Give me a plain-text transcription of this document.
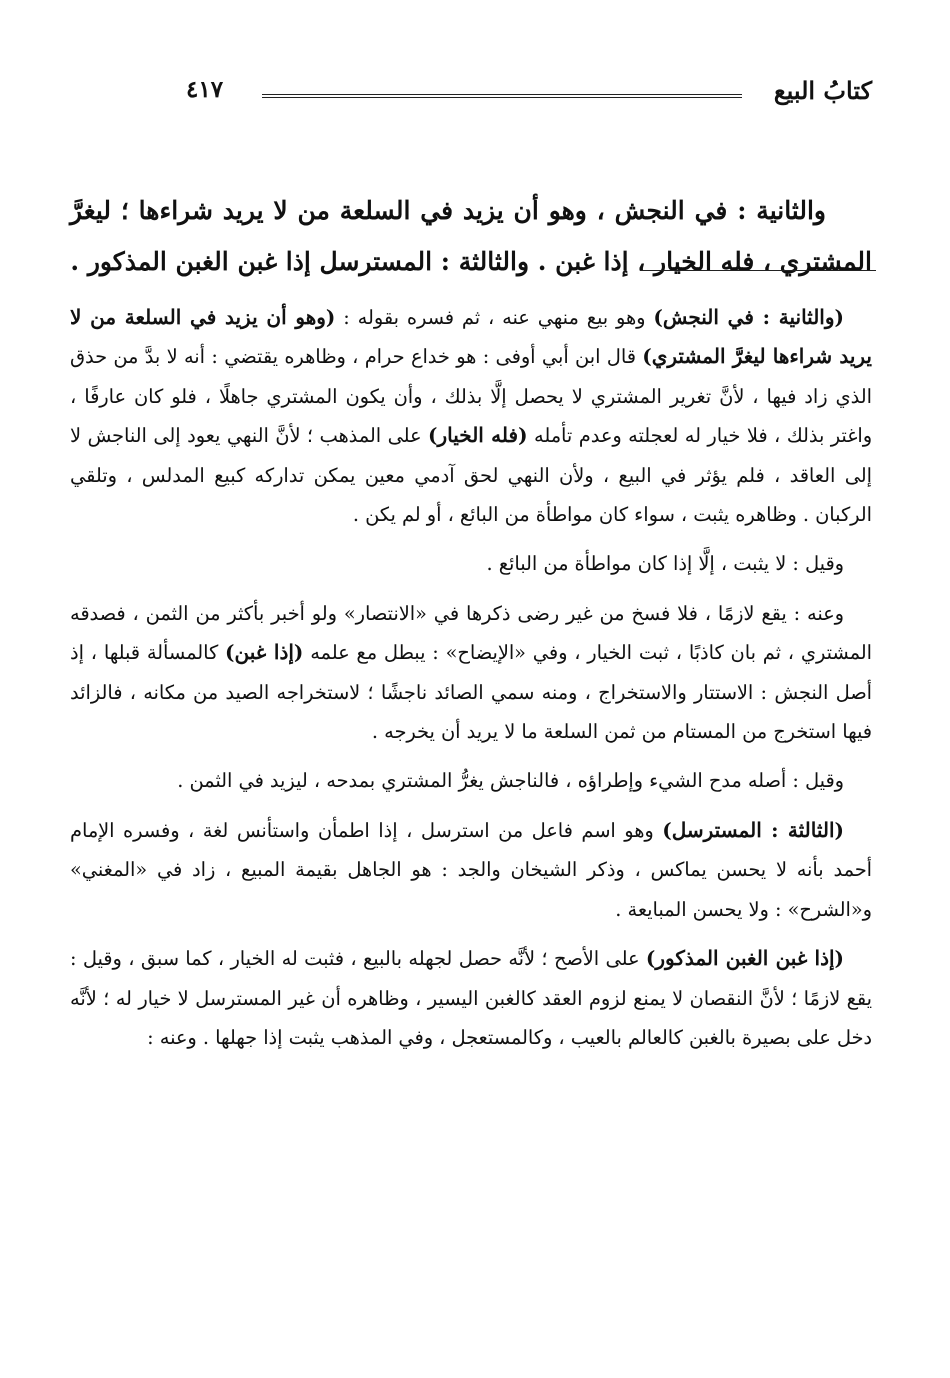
كتابُ البيع
٤١٧

والثانية : في النجش ، وهو أن يزيد في السلعة من لا يريد شراءها ؛ ليغرَّ المشتري ، فله الخيار ، إذا غبن . والثالثة : المسترسل إذا غبن الغبن المذكور .

(والثانية : في النجش) وهو بيع منهي عنه ، ثم فسره بقوله : (وهو أن يزيد في السلعة من لا يريد شراءها ليغرَّ المشتري) قال ابن أبي أوفى : هو خداع حرام ، وظاهره يقتضي : أنه لا بدَّ من حذق الذي زاد فيها ، لأنَّ تغرير المشتري لا يحصل إلَّا بذلك ، وأن يكون المشتري جاهلًا ، فلو كان عارفًا ، واغتر بذلك ، فلا خيار له لعجلته وعدم تأمله (فله الخيار) على المذهب ؛ لأنَّ النهي يعود إلى الناجش لا إلى العاقد ، فلم يؤثر في البيع ، ولأن النهي لحق آدمي معين يمكن تداركه كبيع المدلس ، وتلقي الركبان . وظاهره يثبت ، سواء كان مواطأة من البائع ، أو لم يكن .

وقيل : لا يثبت ، إلَّا إذا كان مواطأة من البائع .

وعنه : يقع لازمًا ، فلا فسخ من غير رضى ذكرها في «الانتصار» ولو أخبر بأكثر من الثمن ، فصدقه المشتري ، ثم بان كاذبًا ، ثبت الخيار ، وفي «الإيضاح» : يبطل مع علمه (إذا غبن) كالمسألة قبلها ، إذ أصل النجش : الاستتار والاستخراج ، ومنه سمي الصائد ناجشًا ؛ لاستخراجه الصيد من مكانه ، فالزائد فيها استخرج من المستام من ثمن السلعة ما لا يريد أن يخرجه .

وقيل : أصله مدح الشيء وإطراؤه ، فالناجش يغرُّ المشتري بمدحه ، ليزيد في الثمن .

(الثالثة : المسترسل) وهو اسم فاعل من استرسل ، إذا اطمأن واستأنس لغة ، وفسره الإمام أحمد بأنه لا يحسن يماكس ، وذكر الشيخان والجد : هو الجاهل بقيمة المبيع ، زاد في «المغني» و«الشرح» : ولا يحسن المبايعة .

(إذا غبن الغبن المذكور) على الأصح ؛ لأنَّه حصل لجهله بالبيع ، فثبت له الخيار ، كما سبق ، وقيل : يقع لازمًا ؛ لأنَّ النقصان لا يمنع لزوم العقد كالغبن اليسير ، وظاهره أن غير المسترسل لا خيار له ؛ لأنَّه دخل على بصيرة بالغبن كالعالم بالعيب ، وكالمستعجل ، وفي المذهب يثبت إذا جهلها . وعنه :
